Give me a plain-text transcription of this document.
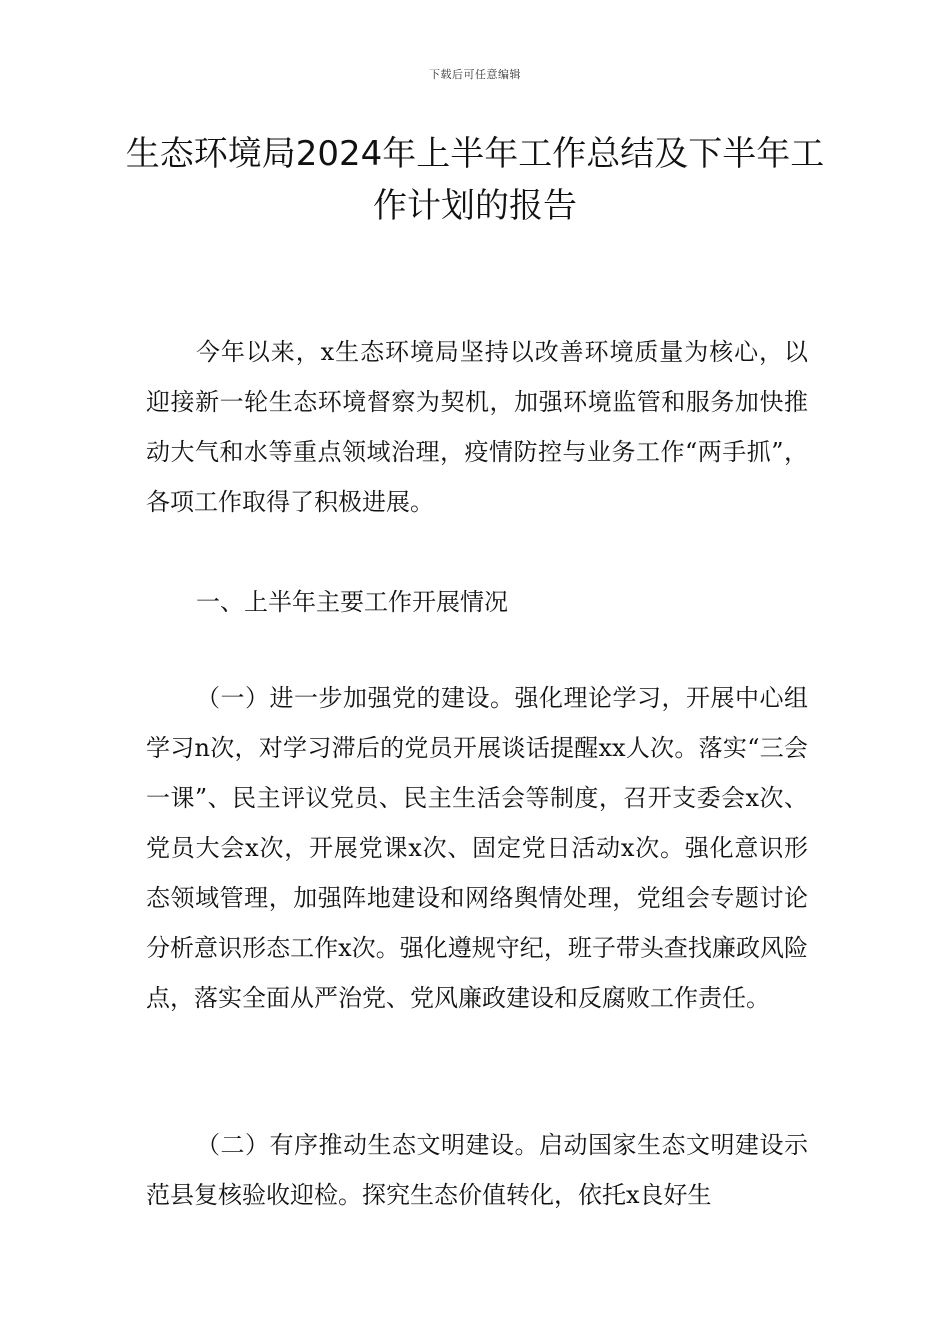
下载后可任意编辑
生态环境局2024年上半年工作总结及下半年工作计划的报告

今年以来，x生态环境局坚持以改善环境质量为核心，以迎接新一轮生态环境督察为契机，加强环境监管和服务加快推动大气和水等重点领域治理，疫情防控与业务工作“两手抓”，各项工作取得了积极进展。

一、上半年主要工作开展情况

（一）进一步加强党的建设。强化理论学习，开展中心组学习n次，对学习滞后的党员开展谈话提醒xx人次。落实“三会一课”、民主评议党员、民主生活会等制度，召开支委会x次、党员大会x次，开展党课x次、固定党日活动x次。强化意识形态领域管理，加强阵地建设和网络舆情处理，党组会专题讨论分析意识形态工作x次。强化遵规守纪，班子带头查找廉政风险点，落实全面从严治党、党风廉政建设和反腐败工作责任。

（二）有序推动生态文明建设。启动国家生态文明建设示范县复核验收迎检。探究生态价值转化，依托x良好生
